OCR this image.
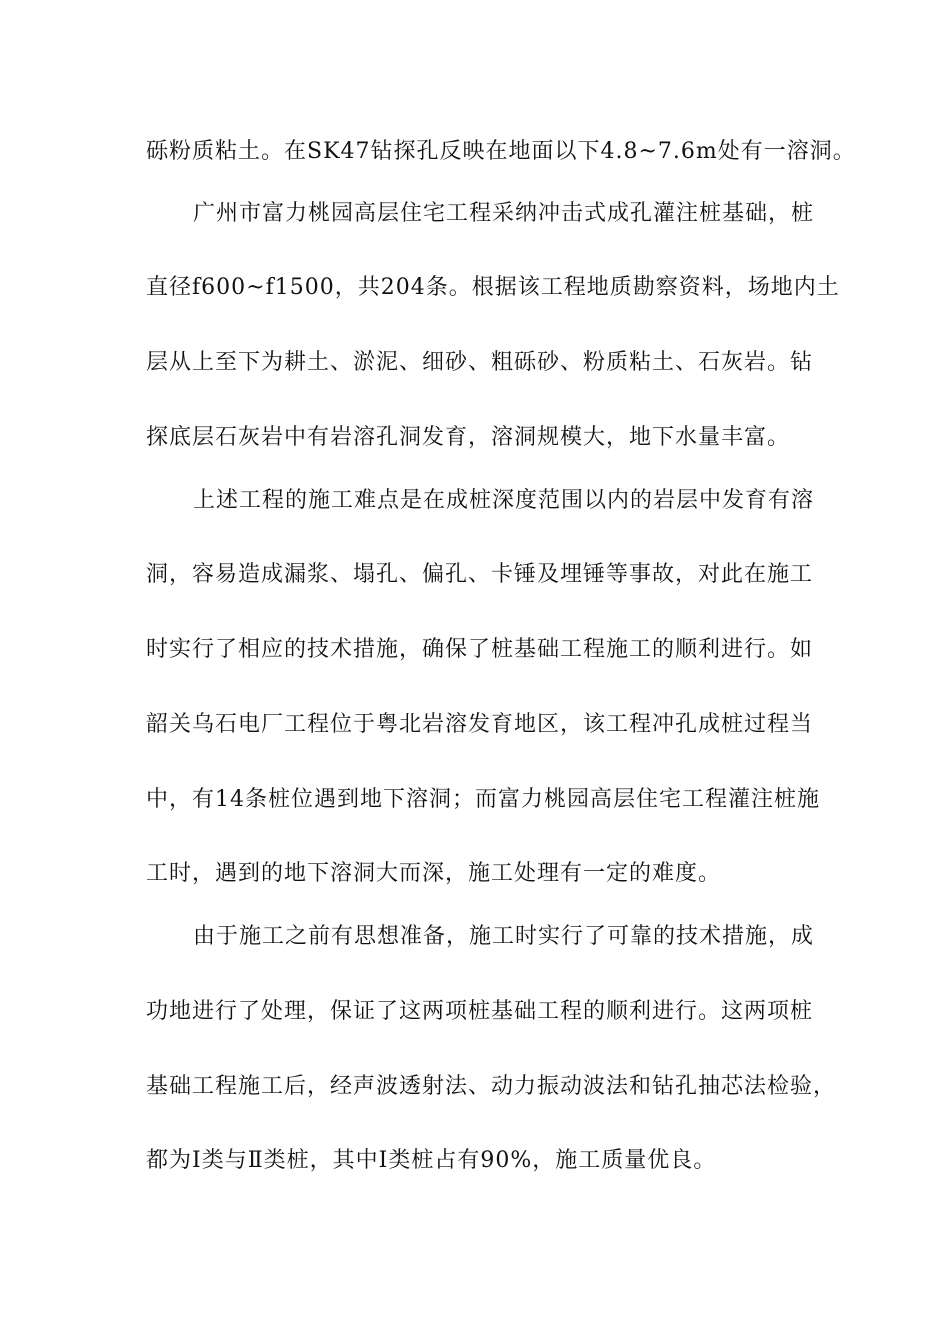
砾粉质粘土。在SK47钻探孔反映在地面以下4.8~7.6m处有一溶洞。
广州市富力桃园高层住宅工程采纳冲击式成孔灌注桩基础，桩
直径f600~f1500，共204条。根据该工程地质勘察资料，场地内土
层从上至下为耕土、淤泥、细砂、粗砾砂、粉质粘土、石灰岩。钻
探底层石灰岩中有岩溶孔洞发育，溶洞规模大，地下水量丰富。
上述工程的施工难点是在成桩深度范围以内的岩层中发育有溶
洞，容易造成漏浆、塌孔、偏孔、卡锤及埋锤等事故，对此在施工
时实行了相应的技术措施，确保了桩基础工程施工的顺利进行。如
韶关乌石电厂工程位于粤北岩溶发育地区，该工程冲孔成桩过程当
中，有14条桩位遇到地下溶洞；而富力桃园高层住宅工程灌注桩施
工时，遇到的地下溶洞大而深，施工处理有一定的难度。
由于施工之前有思想准备，施工时实行了可靠的技术措施，成
功地进行了处理，保证了这两项桩基础工程的顺利进行。这两项桩
基础工程施工后，经声波透射法、动力振动波法和钻孔抽芯法检验，
都为Ⅰ类与Ⅱ类桩，其中Ⅰ类桩占有90%，施工质量优良。
